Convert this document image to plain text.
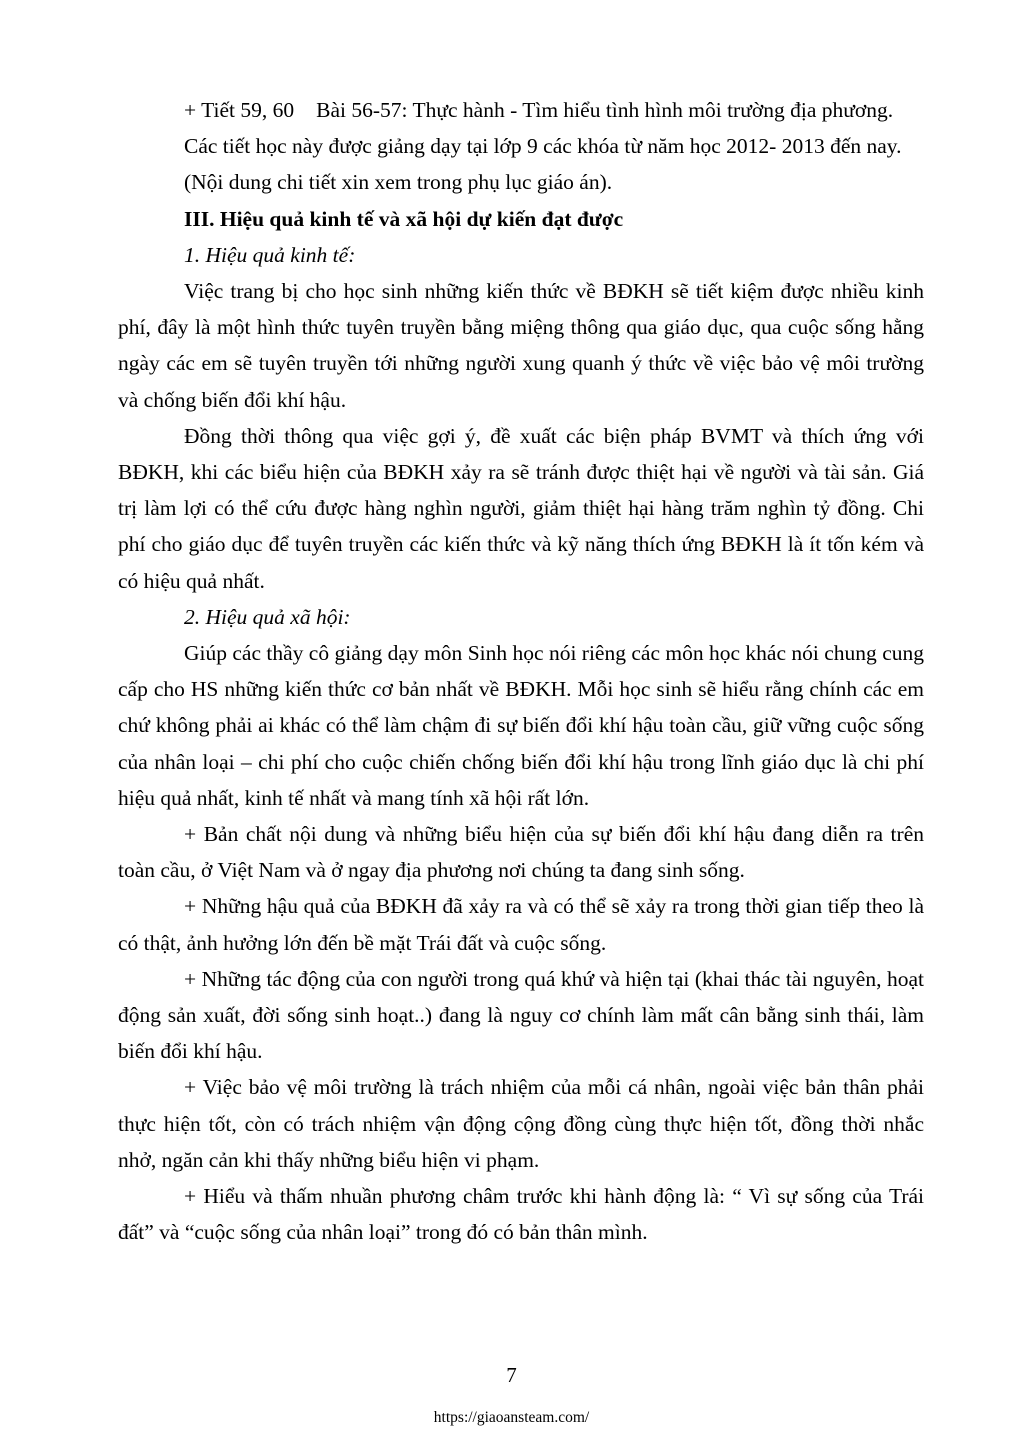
+ Tiết 59, 60 Bài 56-57: Thực hành - Tìm hiểu tình hình môi trường địa phương.

Các tiết học này được giảng dạy tại lớp 9 các khóa từ năm học 2012- 2013 đến nay.

(Nội dung chi tiết xin xem trong phụ lục giáo án).

III. Hiệu quả kinh tế và xã hội dự kiến đạt được

1. Hiệu quả kinh tế:

Việc trang bị cho học sinh những kiến thức về BĐKH sẽ tiết kiệm được nhiều kinh phí, đây là một hình thức tuyên truyền bằng miệng thông qua giáo dục, qua cuộc sống hằng ngày các em sẽ tuyên truyền tới những người xung quanh ý thức về việc bảo vệ môi trường và chống biến đổi khí hậu.

Đồng thời thông qua việc gợi ý, đề xuất các biện pháp BVMT và thích ứng với BĐKH, khi các biểu hiện của BĐKH xảy ra sẽ tránh được thiệt hại về người và tài sản. Giá trị làm lợi có thể cứu được hàng nghìn người, giảm thiệt hại hàng trăm nghìn tỷ đồng. Chi phí cho giáo dục để tuyên truyền các kiến thức và kỹ năng thích ứng BĐKH là ít tốn kém và có hiệu quả nhất.

2. Hiệu quả xã hội:

Giúp các thầy cô giảng dạy môn Sinh học nói riêng các môn học khác nói chung cung cấp cho HS những kiến thức cơ bản nhất về BĐKH. Mỗi học sinh sẽ hiểu rằng chính các em chứ không phải ai khác có thể làm chậm đi sự biến đổi khí hậu toàn cầu, giữ vững cuộc sống của nhân loại – chi phí cho cuộc chiến chống biến đổi khí hậu trong lĩnh giáo dục là chi phí hiệu quả nhất, kinh tế nhất và mang tính xã hội rất lớn.

+ Bản chất nội dung và những biểu hiện của sự biến đổi khí hậu đang diễn ra trên toàn cầu, ở Việt Nam và ở ngay địa phương nơi chúng ta đang sinh sống.

+ Những hậu quả của BĐKH đã xảy ra và có thể sẽ xảy ra trong thời gian tiếp theo là có thật, ảnh hưởng lớn đến bề mặt Trái đất và cuộc sống.

+ Những tác động của con người trong quá khứ và hiện tại (khai thác tài nguyên, hoạt động sản xuất, đời sống sinh hoạt..) đang là nguy cơ chính làm mất cân bằng sinh thái, làm biến đổi khí hậu.

+ Việc bảo vệ môi trường là trách nhiệm của mỗi cá nhân, ngoài việc bản thân phải thực hiện tốt, còn có trách nhiệm vận động cộng đồng cùng thực hiện tốt, đồng thời nhắc nhở, ngăn cản khi thấy những biểu hiện vi phạm.

+ Hiểu và thấm nhuần phương châm trước khi hành động là: “ Vì sự sống của Trái đất” và “cuộc sống của nhân loại” trong đó có bản thân mình.

7
https://giaoansteam.com/
